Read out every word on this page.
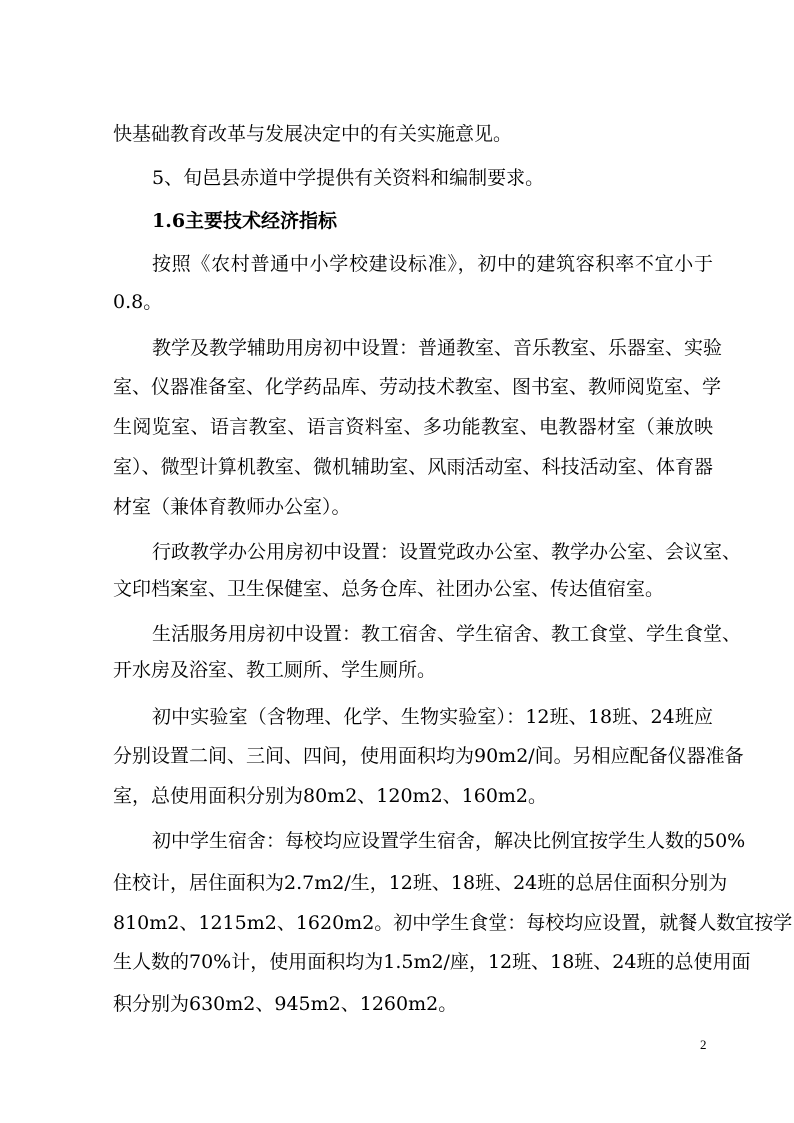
快基础教育改革与发展决定中的有关实施意见。
5、旬邑县赤道中学提供有关资料和编制要求。
1.6主要技术经济指标
按照《农村普通中小学校建设标准》，初中的建筑容积率不宜小于
0.8。
教学及教学辅助用房初中设置：普通教室、音乐教室、乐器室、实验
室、仪器准备室、化学药品库、劳动技术教室、图书室、教师阅览室、学
生阅览室、语言教室、语言资料室、多功能教室、电教器材室（兼放映
室）、微型计算机教室、微机辅助室、风雨活动室、科技活动室、体育器
材室（兼体育教师办公室）。
行政教学办公用房初中设置：设置党政办公室、教学办公室、会议室、
文印档案室、卫生保健室、总务仓库、社团办公室、传达值宿室。
生活服务用房初中设置：教工宿舍、学生宿舍、教工食堂、学生食堂、
开水房及浴室、教工厕所、学生厕所。
初中实验室（含物理、化学、生物实验室）：12班、18班、24班应
分别设置二间、三间、四间，使用面积均为90m2/间。另相应配备仪器准备
室，总使用面积分别为80m2、120m2、160m2。
初中学生宿舍：每校均应设置学生宿舍，解决比例宜按学生人数的50%
住校计，居住面积为2.7m2/生，12班、18班、24班的总居住面积分别为
810m2、1215m2、1620m2。初中学生食堂：每校均应设置，就餐人数宜按学
生人数的70%计，使用面积均为1.5m2/座，12班、18班、24班的总使用面
积分别为630m2、945m2、1260m2。
2
